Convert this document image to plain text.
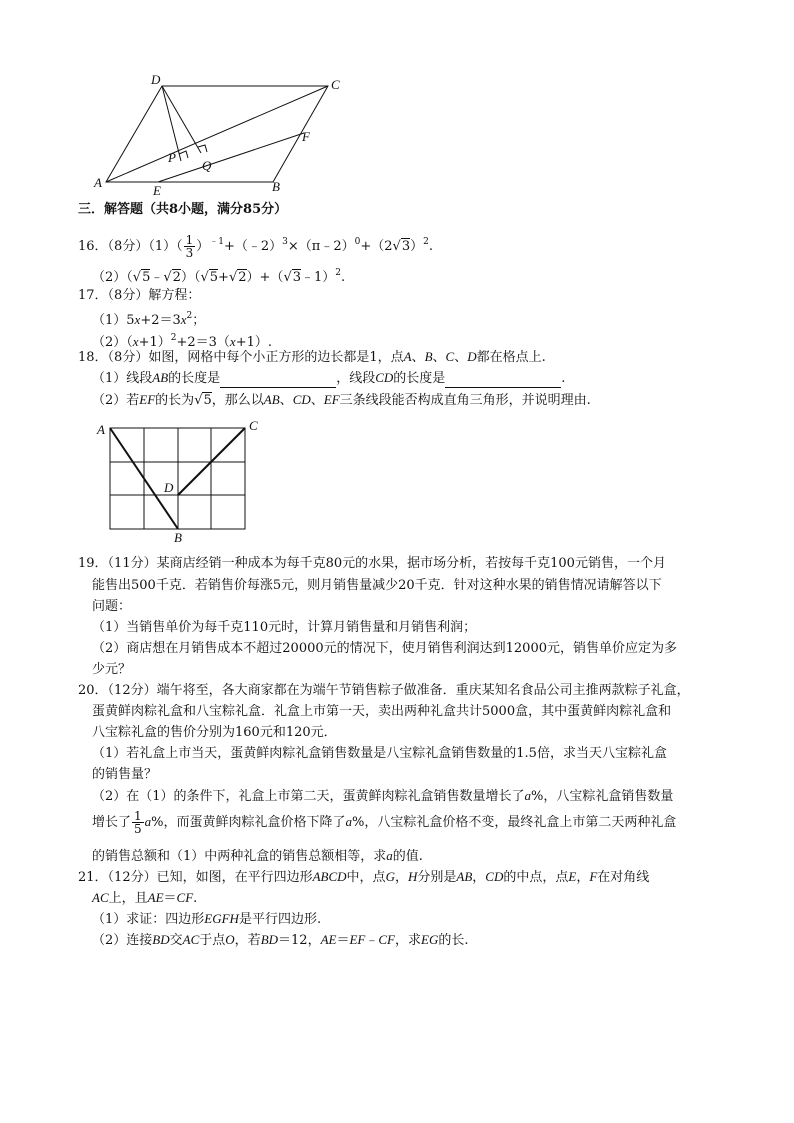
D	C
F
P
Q
A
E	B
三．解答题（共8小题，满分85分）
16．（8分）$(1)( \frac{1}{3}$ ）$^{﹣1}+(﹣2)^3\times(\pi﹣2)^0+(2√3)^2$.
（2）（√5﹣√2）（√5+√2）+（√3﹣1）$^2$.
17．（8分）解方程：
$(1)5x+2=3x^2$；
$(2)(x+1)^2+2=3(x+1)$.
18．（8分）如图，网格中每个小正方形的边长都是1，点A、B、C、D都在格点上.
（1）线段AB的长度是	，线段CD的长度是	.
（2）若EF的长为√5，那么以AB、CD、EF三条线段能否构成直角三角形，并说明理由.
A	C
D
B
19．（11分）某商店经销一种成本为每千克80元的水果，据市场分析，若按每千克100元销售，一个月
能售出500千克．若销售价每涨5元，则月销售量减少20千克．针对这种水果的销售情况请解答以下
问题：
（1）当销售单价为每千克110元时，计算月销售量和月销售利润；
（2）商店想在月销售成本不超过20000元的情况下，使月销售利润达到12000元，销售单价应定为多
少元？
20．（12分）端午将至，各大商家都在为端午节销售粽子做准备．重庆某知名食品公司主推两款粽子礼盒，
蛋黄鲜肉粽礼盒和八宝粽礼盒．礼盒上市第一天，卖出两种礼盒共计5000盒，其中蛋黄鲜肉粽礼盒和
八宝粽礼盒的售价分别为160元和120元．
（1）若礼盒上市当天，蛋黄鲜肉粽礼盒销售数量是八宝粽礼盒销售数量的1.5倍，求当天八宝粽礼盒
的销售量？
（2）在（1）的条件下，礼盒上市第二天，蛋黄鲜肉粽礼盒销售数量增长了a%，八宝粽礼盒销售数量
增长了 $\frac{1}{5} a\%$，而蛋黄鲜肉粽礼盒价格下降了a%，八宝粽礼盒价格不变，最终礼盒上市第二天两种礼盒
的销售总额和（1）中两种礼盒的销售总额相等，求a的值.
21．（12分）已知，如图，在平行四边形ABCD中，点G，H分别是AB，CD的中点，点E，F在对角线
AC上，且AE＝CF.
（1）求证：四边形EGFH是平行四边形.
（2）连接BD交AC于点O，若BD＝12，AE＝EF﹣CF，求EG的长.
